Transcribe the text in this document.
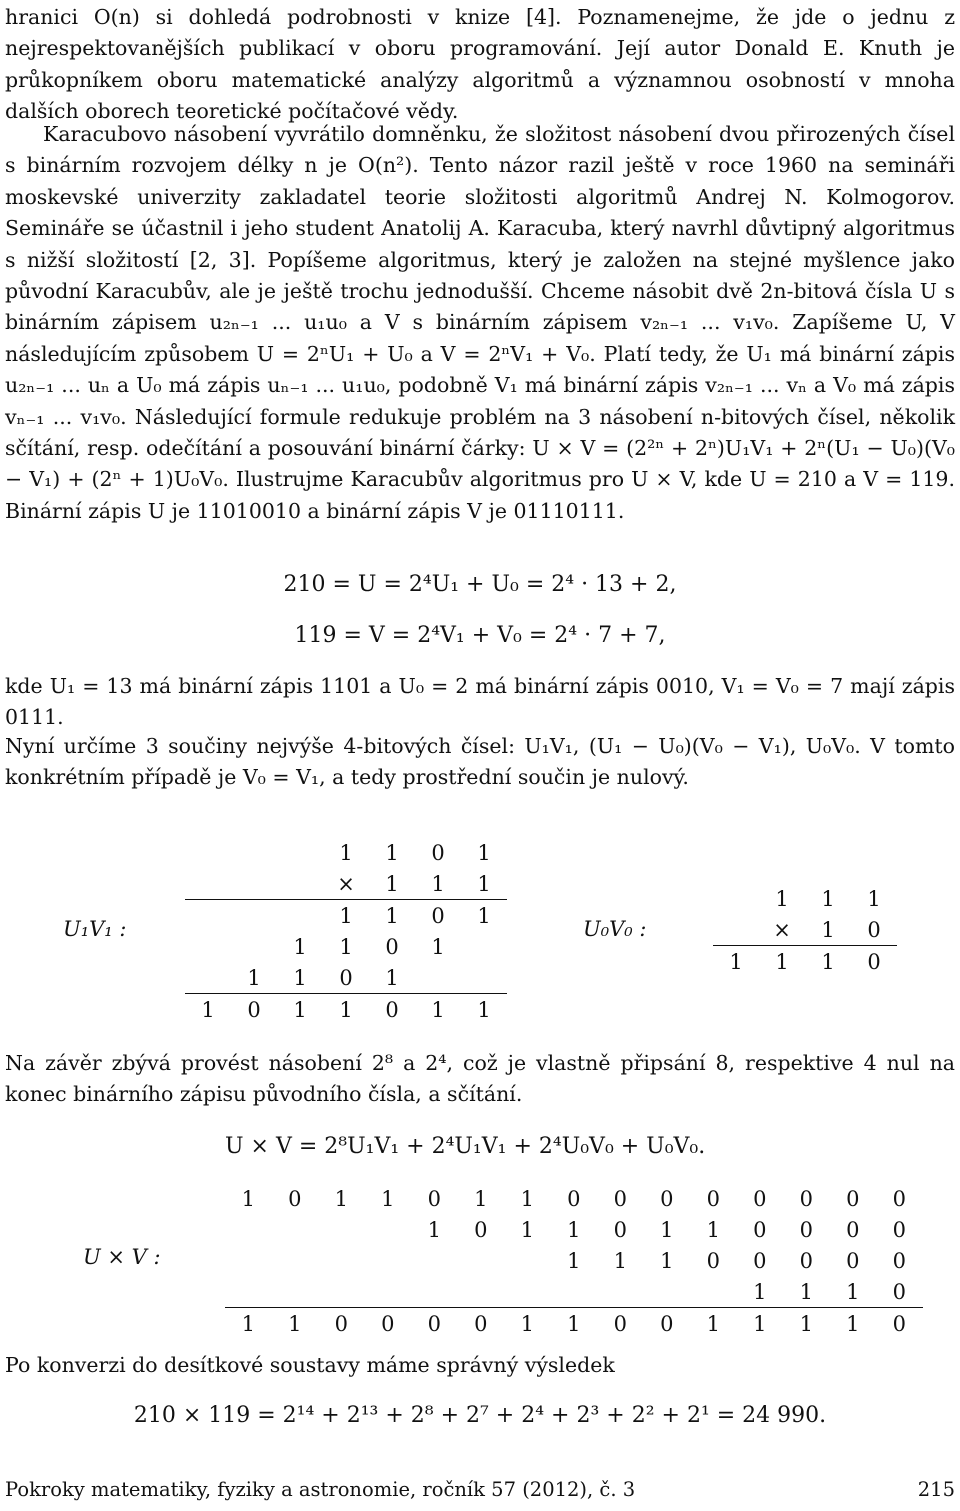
hranici O(n) si dohledá podrobnosti v knize [4]. Poznamenejme, že jde o jednu z nejrespektovanějších publikací v oboru programování. Její autor Donald E. Knuth je průkopníkem oboru matematické analýzy algoritmů a významnou osobností v mnoha dalších oborech teoretické počítačové vědy.

Karacubovo násobení vyvrátilo domněnku, že složitost násobení dvou přirozených čísel s binárním rozvojem délky n je O(n²). Tento názor razil ještě v roce 1960 na semináři moskevské univerzity zakladatel teorie složitosti algoritmů Andrej N. Kolmogorov. Semináře se účastnil i jeho student Anatolij A. Karacuba, který navrhl důvtipný algoritmus s nižší složitostí [2, 3]. Popíšeme algoritmus, který je založen na stejné myšlence jako původní Karacubův, ale je ještě trochu jednodušší. Chceme násobit dvě 2n-bitová čísla U s binárním zápisem u₂ₙ₋₁ ... u₁u₀ a V s binárním zápisem v₂ₙ₋₁ ... v₁v₀. Zapíšeme U, V následujícím způsobem U = 2ⁿU₁ + U₀ a V = 2ⁿV₁ + V₀. Platí tedy, že U₁ má binární zápis u₂ₙ₋₁ ... uₙ a U₀ má zápis uₙ₋₁ ... u₁u₀, podobně V₁ má binární zápis v₂ₙ₋₁ ... vₙ a V₀ má zápis vₙ₋₁ ... v₁v₀. Následující formule redukuje problém na 3 násobení n-bitových čísel, několik sčítání, resp. odečítání a posouvání binární čárky: U × V = (2²ⁿ + 2ⁿ)U₁V₁ + 2ⁿ(U₁ − U₀)(V₀ − V₁) + (2ⁿ + 1)U₀V₀. Ilustrujme Karacubův algoritmus pro U × V, kde U = 210 a V = 119. Binární zápis U je 11010010 a binární zápis V je 01110111.

210 = U = 2⁴U₁ + U₀ = 2⁴ · 13 + 2,
119 = V = 2⁴V₁ + V₀ = 2⁴ · 7 + 7,

kde U₁ = 13 má binární zápis 1101 a U₀ = 2 má binární zápis 0010, V₁ = V₀ = 7 mají zápis 0111.

Nyní určíme 3 součiny nejvýše 4-bitových čísel: U₁V₁, (U₁ − U₀)(V₀ − V₁), U₀V₀. V tomto konkrétním případě je V₀ = V₁, a tedy prostřední součin je nulový.

U₁V₁ :
1	1	0	1
×	1	1	1
1	1	0	1
1	1	0	1
1	1	0	1
1	0	1	1	0	1	1
U₀V₀ :
1	1	1
×	1	0
1	1	1	0

Na závěr zbývá provést násobení 2⁸ a 2⁴, což je vlastně připsání 8, respektive 4 nul na konec binárního zápisu původního čísla, a sčítání.

U × V = 2⁸U₁V₁ + 2⁴U₁V₁ + 2⁴U₀V₀ + U₀V₀.
U × V :
1	0	1	1	0	1	1	0	0	0	0	0	0	0	0
1	0	1	1	0	1	1	0	0	0	0
1	1	1	0	0	0	0	0
1	1	1	0
1	1	0	0	0	0	1	1	0	0	1	1	1	1	0

Po konverzi do desítkové soustavy máme správný výsledek

210 × 119 = 2¹⁴ + 2¹³ + 2⁸ + 2⁷ + 2⁴ + 2³ + 2² + 2¹ = 24 990.
Pokroky matematiky, fyziky a astronomie, ročník 57 (2012), č. 3	215
